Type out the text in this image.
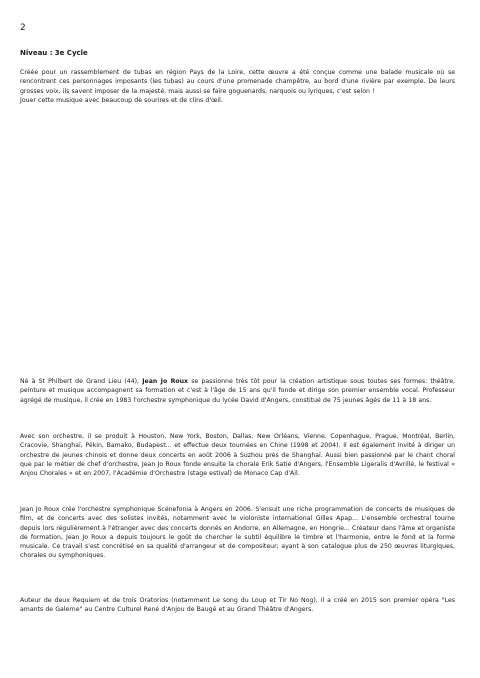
2
Niveau : 3e Cycle

Créée pour un rassemblement de tubas en région Pays de la Loire, cette œuvre a été conçue comme une balade musicale où se rencontrent ces personnages imposants (les tubas) au cours d'une promenade champêtre, au bord d'une rivière par exemple. De leurs grosses voix, ils savent imposer de la majesté, mais aussi se faire goguenards, narquois ou lyriques, c'est selon !

Jouer cette musique avec beaucoup de sourires et de clins d'œil.

Né à St Philbert de Grand Lieu (44), Jean Jo Roux se passionne très tôt pour la création artistique sous toutes ses formes: théâtre, peinture et musique accompagnent sa formation et c'est à l'âge de 15 ans qu'il fonde et dirige son premier ensemble vocal. Professeur agrégé de musique, il crée en 1983 l'orchestre symphonique du lycée David d'Angers, constitué de 75 jeunes âgés de 11 à 18 ans.

Avec son orchestre, il se produit à Houston, New York, Boston, Dallas, New Orléans, Vienne, Copenhague, Prague, Montréal, Berlin, Cracovie, Shanghaï, Pékin, Bamako, Budapest... et effectue deux tournées en Chine (1998 et 2004). Il est également invité à diriger un orchestre de jeunes chinois et donne deux concerts en août 2006 à Suzhou près de Shanghaï. Aussi bien passionné par le chant choral que par le métier de chef d'orchestre, Jean Jo Roux fonde ensuite la chorale Erik Satie d'Angers, l'Ensemble Ligeralis d'Avrillé, le festival « Anjou Chorales » et en 2007, l'Académie d'Orchestre (stage estival) de Monaco Cap d'Ail.

Jean Jo Roux crée l'orchestre symphonique Scénefonia à Angers en 2006. S'ensuit une riche programmation de concerts de musiques de film, et de concerts avec des solistes invités, notamment avec le violoniste international Gilles Apap... L'ensemble orchestral tourne depuis lors régulièrement à l'étranger avec des concerts donnés en Andorre, en Allemagne, en Hongrie... Créateur dans l'âme et organiste de formation, Jean Jo Roux a depuis toujours le goût de chercher le subtil équilibre le timbre et l'harmonie, entre le fond et la forme musicale. Ce travail s'est concrétisé en sa qualité d'arrangeur et de compositeur; ayant à son catalogue plus de 250 œuvres liturgiques, chorales ou symphoniques.

Auteur de deux Requiem et de trois Oratorios (notamment Le song du Loup et Tir No Nog), il a créé en 2015 son premier opéra "Les amants de Galerne" au Centre Culturel René d'Anjou de Baugé et au Grand Théâtre d'Angers.
